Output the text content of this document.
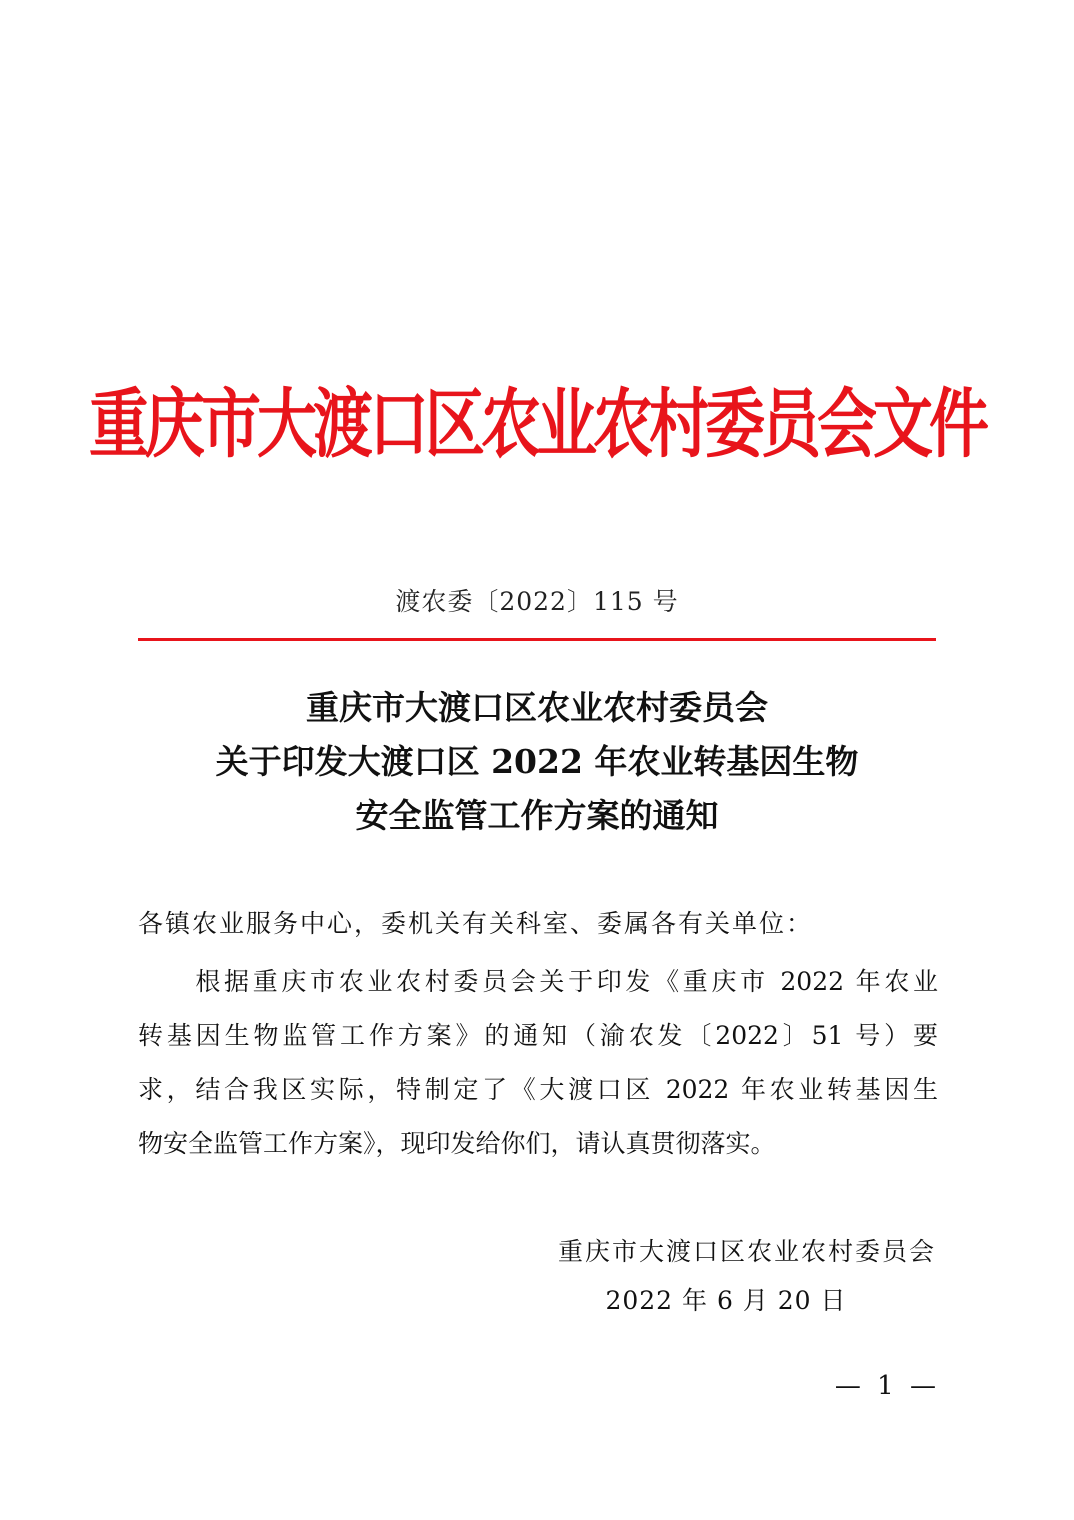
重庆市大渡口区农业农村委员会文件
渡农委〔2022〕115 号
重庆市大渡口区农业农村委员会
关于印发大渡口区 2022 年农业转基因生物
安全监管工作方案的通知
各镇农业服务中心，委机关有关科室、委属各有关单位：
　　根据重庆市农业农村委员会关于印发《重庆市 2022 年农业
转基因生物监管工作方案》的通知（渝农发〔2022〕51 号）要
求，结合我区实际，特制定了《大渡口区 2022 年农业转基因生
物安全监管工作方案》，现印发给你们，请认真贯彻落实。
重庆市大渡口区农业农村委员会
2022 年 6 月 20 日
— 1 —
